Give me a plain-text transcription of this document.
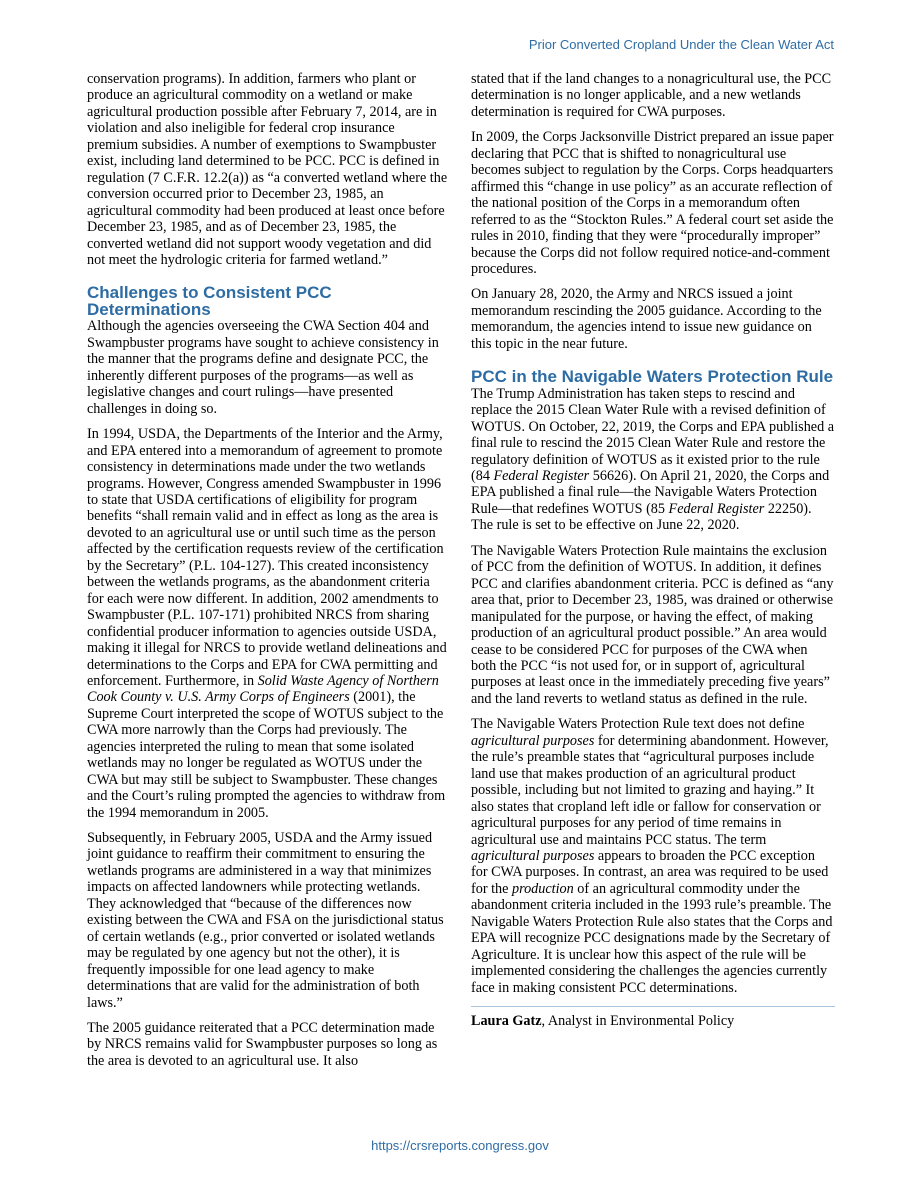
Prior Converted Cropland Under the Clean Water Act

conservation programs). In addition, farmers who plant or produce an agricultural commodity on a wetland or make agricultural production possible after February 7, 2014, are in violation and also ineligible for federal crop insurance premium subsidies. A number of exemptions to Swampbuster exist, including land determined to be PCC. PCC is defined in regulation (7 C.F.R. 12.2(a)) as “a converted wetland where the conversion occurred prior to December 23, 1985, an agricultural commodity had been produced at least once before December 23, 1985, and as of December 23, 1985, the converted wetland did not support woody vegetation and did not meet the hydrologic criteria for farmed wetland.”

Challenges to Consistent PCC Determinations

Although the agencies overseeing the CWA Section 404 and Swampbuster programs have sought to achieve consistency in the manner that the programs define and designate PCC, the inherently different purposes of the programs—as well as legislative changes and court rulings—have presented challenges in doing so.

In 1994, USDA, the Departments of the Interior and the Army, and EPA entered into a memorandum of agreement to promote consistency in determinations made under the two wetlands programs. However, Congress amended Swampbuster in 1996 to state that USDA certifications of eligibility for program benefits “shall remain valid and in effect as long as the area is devoted to an agricultural use or until such time as the person affected by the certification requests review of the certification by the Secretary” (P.L. 104-127). This created inconsistency between the wetlands programs, as the abandonment criteria for each were now different. In addition, 2002 amendments to Swampbuster (P.L. 107-171) prohibited NRCS from sharing confidential producer information to agencies outside USDA, making it illegal for NRCS to provide wetland delineations and determinations to the Corps and EPA for CWA permitting and enforcement. Furthermore, in Solid Waste Agency of Northern Cook County v. U.S. Army Corps of Engineers (2001), the Supreme Court interpreted the scope of WOTUS subject to the CWA more narrowly than the Corps had previously. The agencies interpreted the ruling to mean that some isolated wetlands may no longer be regulated as WOTUS under the CWA but may still be subject to Swampbuster. These changes and the Court’s ruling prompted the agencies to withdraw from the 1994 memorandum in 2005.

Subsequently, in February 2005, USDA and the Army issued joint guidance to reaffirm their commitment to ensuring the wetlands programs are administered in a way that minimizes impacts on affected landowners while protecting wetlands. They acknowledged that “because of the differences now existing between the CWA and FSA on the jurisdictional status of certain wetlands (e.g., prior converted or isolated wetlands may be regulated by one agency but not the other), it is frequently impossible for one lead agency to make determinations that are valid for the administration of both laws.”

The 2005 guidance reiterated that a PCC determination made by NRCS remains valid for Swampbuster purposes so long as the area is devoted to an agricultural use. It also

stated that if the land changes to a nonagricultural use, the PCC determination is no longer applicable, and a new wetlands determination is required for CWA purposes.

In 2009, the Corps Jacksonville District prepared an issue paper declaring that PCC that is shifted to nonagricultural use becomes subject to regulation by the Corps. Corps headquarters affirmed this “change in use policy” as an accurate reflection of the national position of the Corps in a memorandum often referred to as the “Stockton Rules.” A federal court set aside the rules in 2010, finding that they were “procedurally improper” because the Corps did not follow required notice-and-comment procedures.

On January 28, 2020, the Army and NRCS issued a joint memorandum rescinding the 2005 guidance. According to the memorandum, the agencies intend to issue new guidance on this topic in the near future.

PCC in the Navigable Waters Protection Rule

The Trump Administration has taken steps to rescind and replace the 2015 Clean Water Rule with a revised definition of WOTUS. On October, 22, 2019, the Corps and EPA published a final rule to rescind the 2015 Clean Water Rule and restore the regulatory definition of WOTUS as it existed prior to the rule (84 Federal Register 56626). On April 21, 2020, the Corps and EPA published a final rule—the Navigable Waters Protection Rule—that redefines WOTUS (85 Federal Register 22250). The rule is set to be effective on June 22, 2020.

The Navigable Waters Protection Rule maintains the exclusion of PCC from the definition of WOTUS. In addition, it defines PCC and clarifies abandonment criteria. PCC is defined as “any area that, prior to December 23, 1985, was drained or otherwise manipulated for the purpose, or having the effect, of making production of an agricultural product possible.” An area would cease to be considered PCC for purposes of the CWA when both the PCC “is not used for, or in support of, agricultural purposes at least once in the immediately preceding five years” and the land reverts to wetland status as defined in the rule.

The Navigable Waters Protection Rule text does not define agricultural purposes for determining abandonment. However, the rule’s preamble states that “agricultural purposes include land use that makes production of an agricultural product possible, including but not limited to grazing and haying.” It also states that cropland left idle or fallow for conservation or agricultural purposes for any period of time remains in agricultural use and maintains PCC status. The term agricultural purposes appears to broaden the PCC exception for CWA purposes. In contrast, an area was required to be used for the production of an agricultural commodity under the abandonment criteria included in the 1993 rule’s preamble. The Navigable Waters Protection Rule also states that the Corps and EPA will recognize PCC designations made by the Secretary of Agriculture. It is unclear how this aspect of the rule will be implemented considering the challenges the agencies currently face in making consistent PCC determinations.

Laura Gatz, Analyst in Environmental Policy

https://crsreports.congress.gov
